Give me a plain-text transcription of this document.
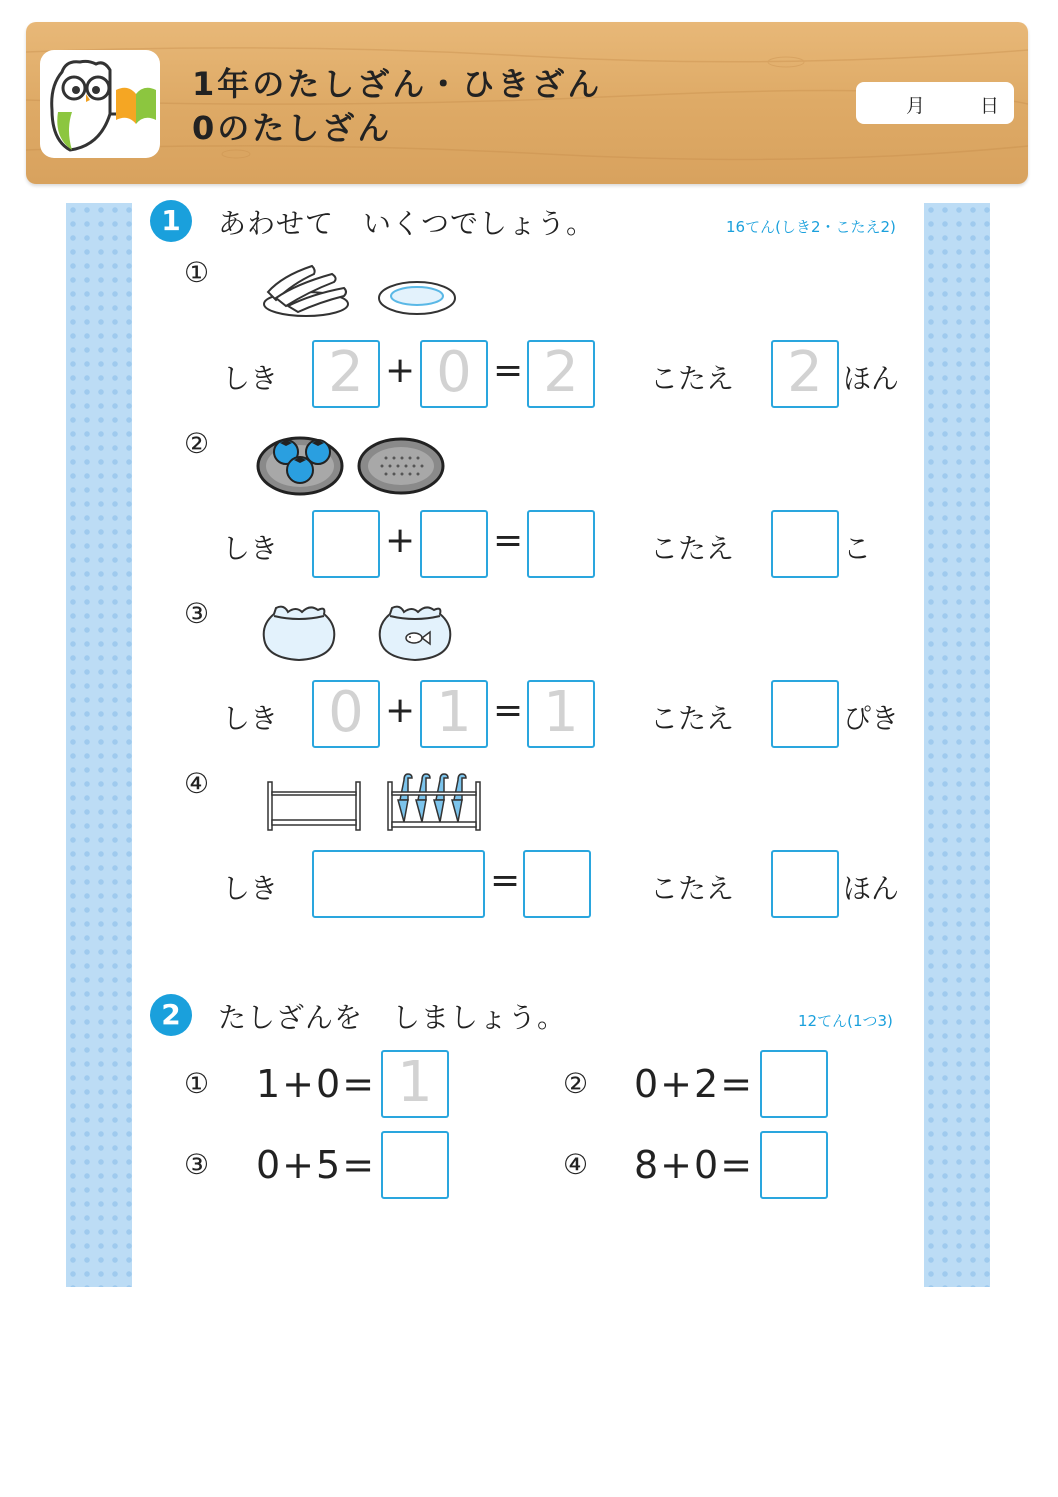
1年のたしざん・ひきざん
0のたしざん
月	日
1	あわせて　いくつでしょう。	16てん(しき2・こたえ2)
①
しき 2 + 0 = 2	こたえ 2 ほん
②
しき	+ =	こたえ	こ
③
しき 0 + 1 = 1	こたえ	ぴき
④
しき	=	こたえ	ほん
2	たしざんを　しましょう。	12てん(1つ3)
① 1+0= 1	② 0+2=
③ 0+5=	④ 8+0=
